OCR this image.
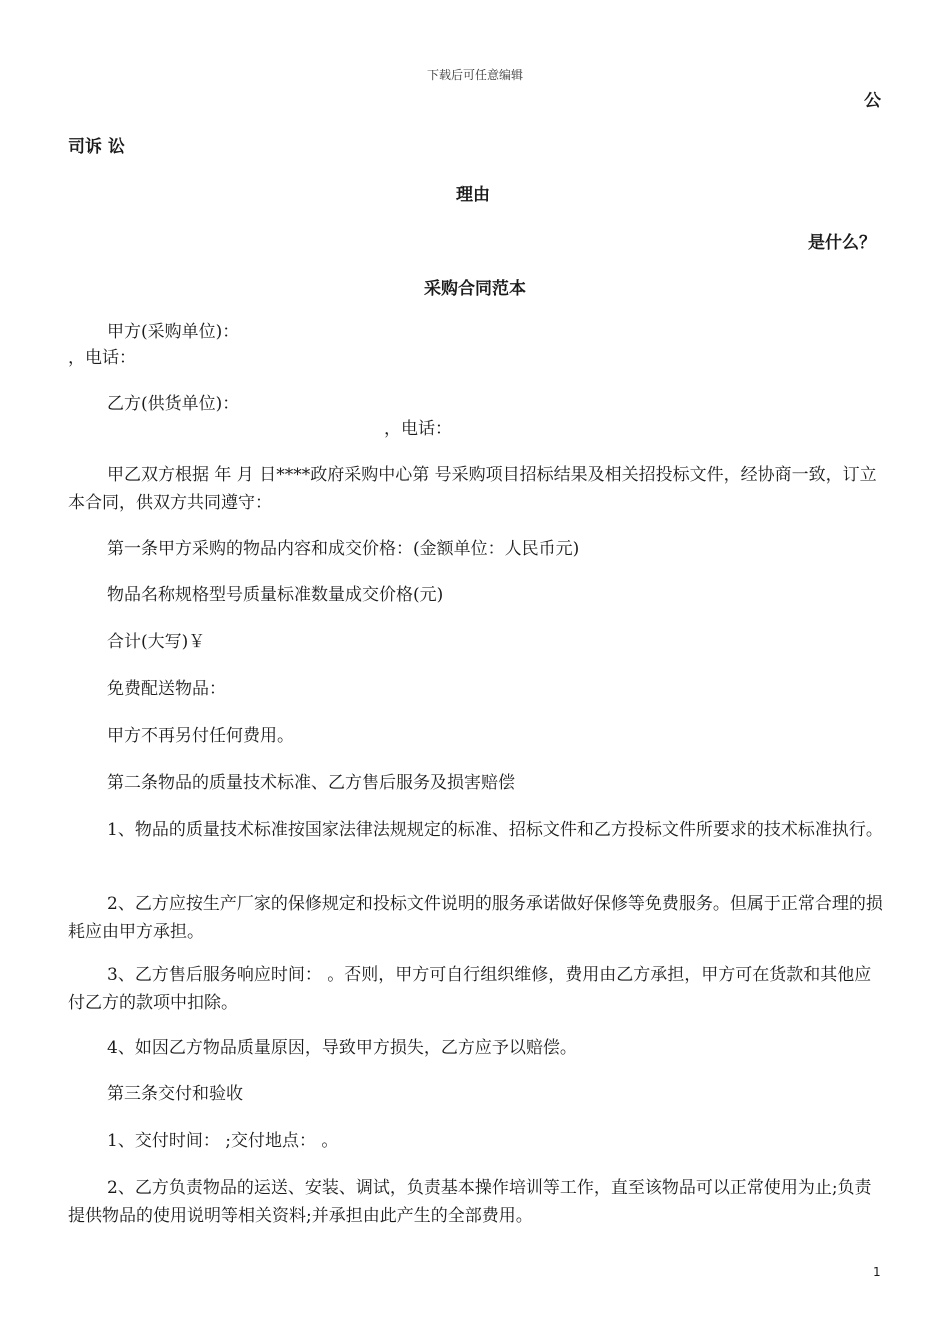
下载后可任意编辑
公
司诉 讼
理由
是什么？
采购合同范本
甲方(采购单位)：
，电话：
乙方(供货单位)：
，电话：
甲乙双方根据 年 月 日****政府采购中心第 号采购项目招标结果及相关招投标文件，经协商一致，订立本合同，供双方共同遵守：
第一条甲方采购的物品内容和成交价格：(金额单位：人民币元)
物品名称规格型号质量标准数量成交价格(元)
合计(大写)￥
免费配送物品：
甲方不再另付任何费用。
第二条物品的质量技术标准、乙方售后服务及损害赔偿
1、物品的质量技术标准按国家法律法规规定的标准、招标文件和乙方投标文件所要求的技术标准执行。
2、乙方应按生产厂家的保修规定和投标文件说明的服务承诺做好保修等免费服务。但属于正常合理的损耗应由甲方承担。
3、乙方售后服务响应时间： 。否则，甲方可自行组织维修，费用由乙方承担，甲方可在货款和其他应付乙方的款项中扣除。
4、如因乙方物品质量原因，导致甲方损失，乙方应予以赔偿。
第三条交付和验收
1、交付时间： ;交付地点： 。
2、乙方负责物品的运送、安装、调试，负责基本操作培训等工作，直至该物品可以正常使用为止;负责提供物品的使用说明等相关资料;并承担由此产生的全部费用。
1
